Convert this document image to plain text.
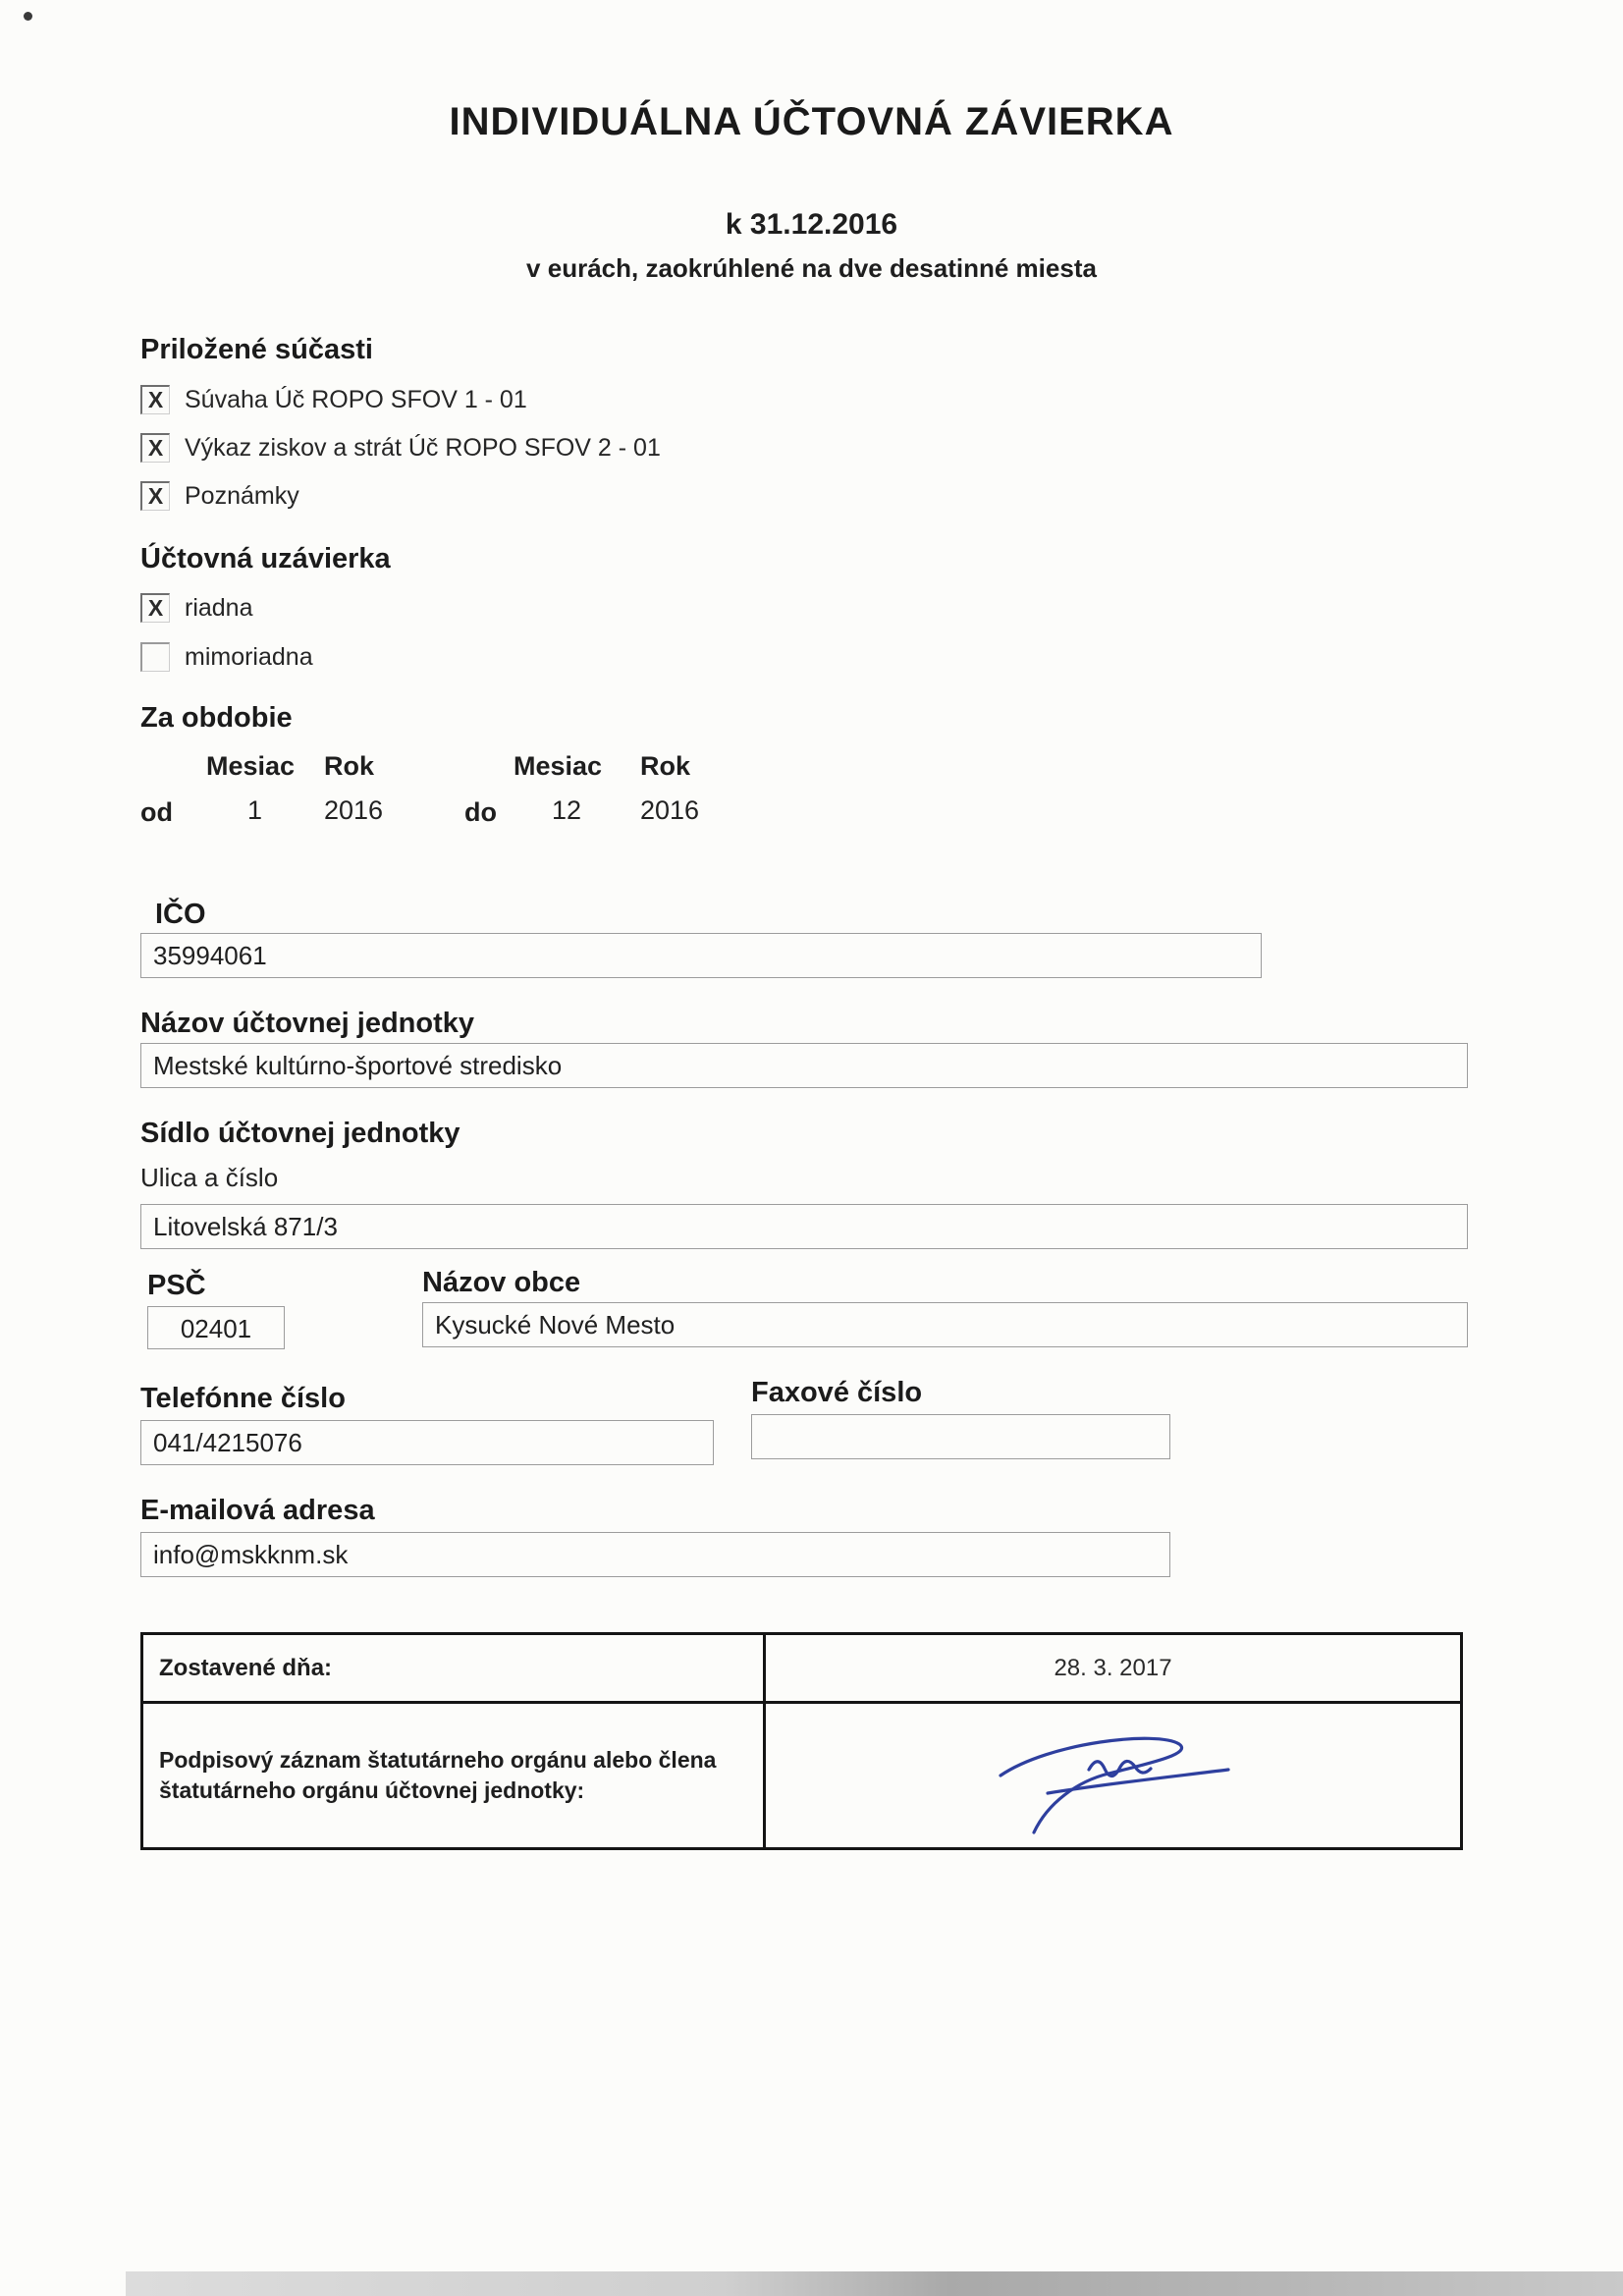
INDIVIDUÁLNA ÚČTOVNÁ ZÁVIERKA
k 31.12.2016
v eurách, zaokrúhlené na dve desatinné miesta
Priložené súčasti
X Súvaha Úč ROPO SFOV 1 - 01
X Výkaz ziskov a strát Úč ROPO SFOV 2 - 01
X Poznámky
Účtovná uzávierka
X riadna
mimoriadna
Za obdobie
Mesiac Rok	Mesiac Rok
od	1 2016	do 12 2016
IČO
35994061
Názov účtovnej jednotky
Mestské kultúrno-športové stredisko
Sídlo účtovnej jednotky
Ulica a číslo
Litovelská 871/3
PSČ	Názov obce
02401	Kysucké Nové Mesto
Telefónne číslo	Faxové číslo
041/4215076
E-mailová adresa
info@mskknm.sk
Zostavené dňa:	28. 3. 2017
Podpisový záznam štatutárneho orgánu alebo člena štatutárneho orgánu účtovnej jednotky:
